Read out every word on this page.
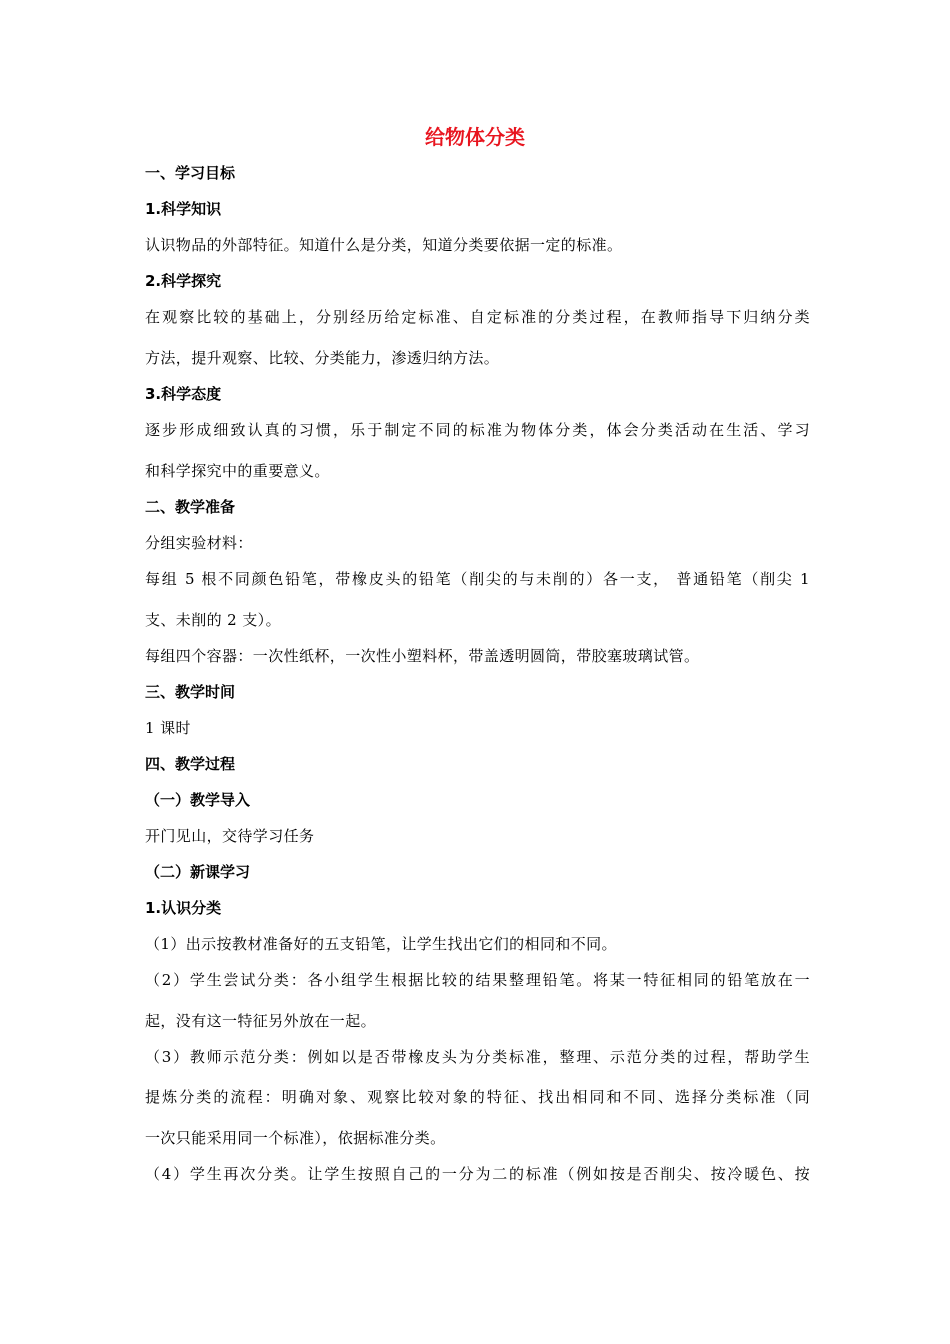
给物体分类
一、学习目标
1.科学知识
认识物品的外部特征。知道什么是分类，知道分类要依据一定的标准。
2.科学探究
在观察比较的基础上，分别经历给定标准、自定标准的分类过程，在教师指导下归纳分类
方法，提升观察、比较、分类能力，渗透归纳方法。
3.科学态度
逐步形成细致认真的习惯，乐于制定不同的标准为物体分类，体会分类活动在生活、学习
和科学探究中的重要意义。
二、教学准备
分组实验材料：
每组 5 根不同颜色铅笔，带橡皮头的铅笔（削尖的与未削的）各一支， 普通铅笔（削尖 1
支、未削的 2 支）。
每组四个容器：一次性纸杯，一次性小塑料杯，带盖透明圆筒，带胶塞玻璃试管。
三、教学时间
1 课时
四、教学过程
（一）教学导入
开门见山，交待学习任务
（二）新课学习
1.认识分类
（1）出示按教材准备好的五支铅笔，让学生找出它们的相同和不同。
（2）学生尝试分类：各小组学生根据比较的结果整理铅笔。将某一特征相同的铅笔放在一
起，没有这一特征另外放在一起。
（3）教师示范分类：例如以是否带橡皮头为分类标准，整理、示范分类的过程，帮助学生
提炼分类的流程：明确对象、观察比较对象的特征、找出相同和不同、选择分类标准（同
一次只能采用同一个标准），依据标准分类。
（4）学生再次分类。让学生按照自己的一分为二的标准（例如按是否削尖、按冷暖色、按
